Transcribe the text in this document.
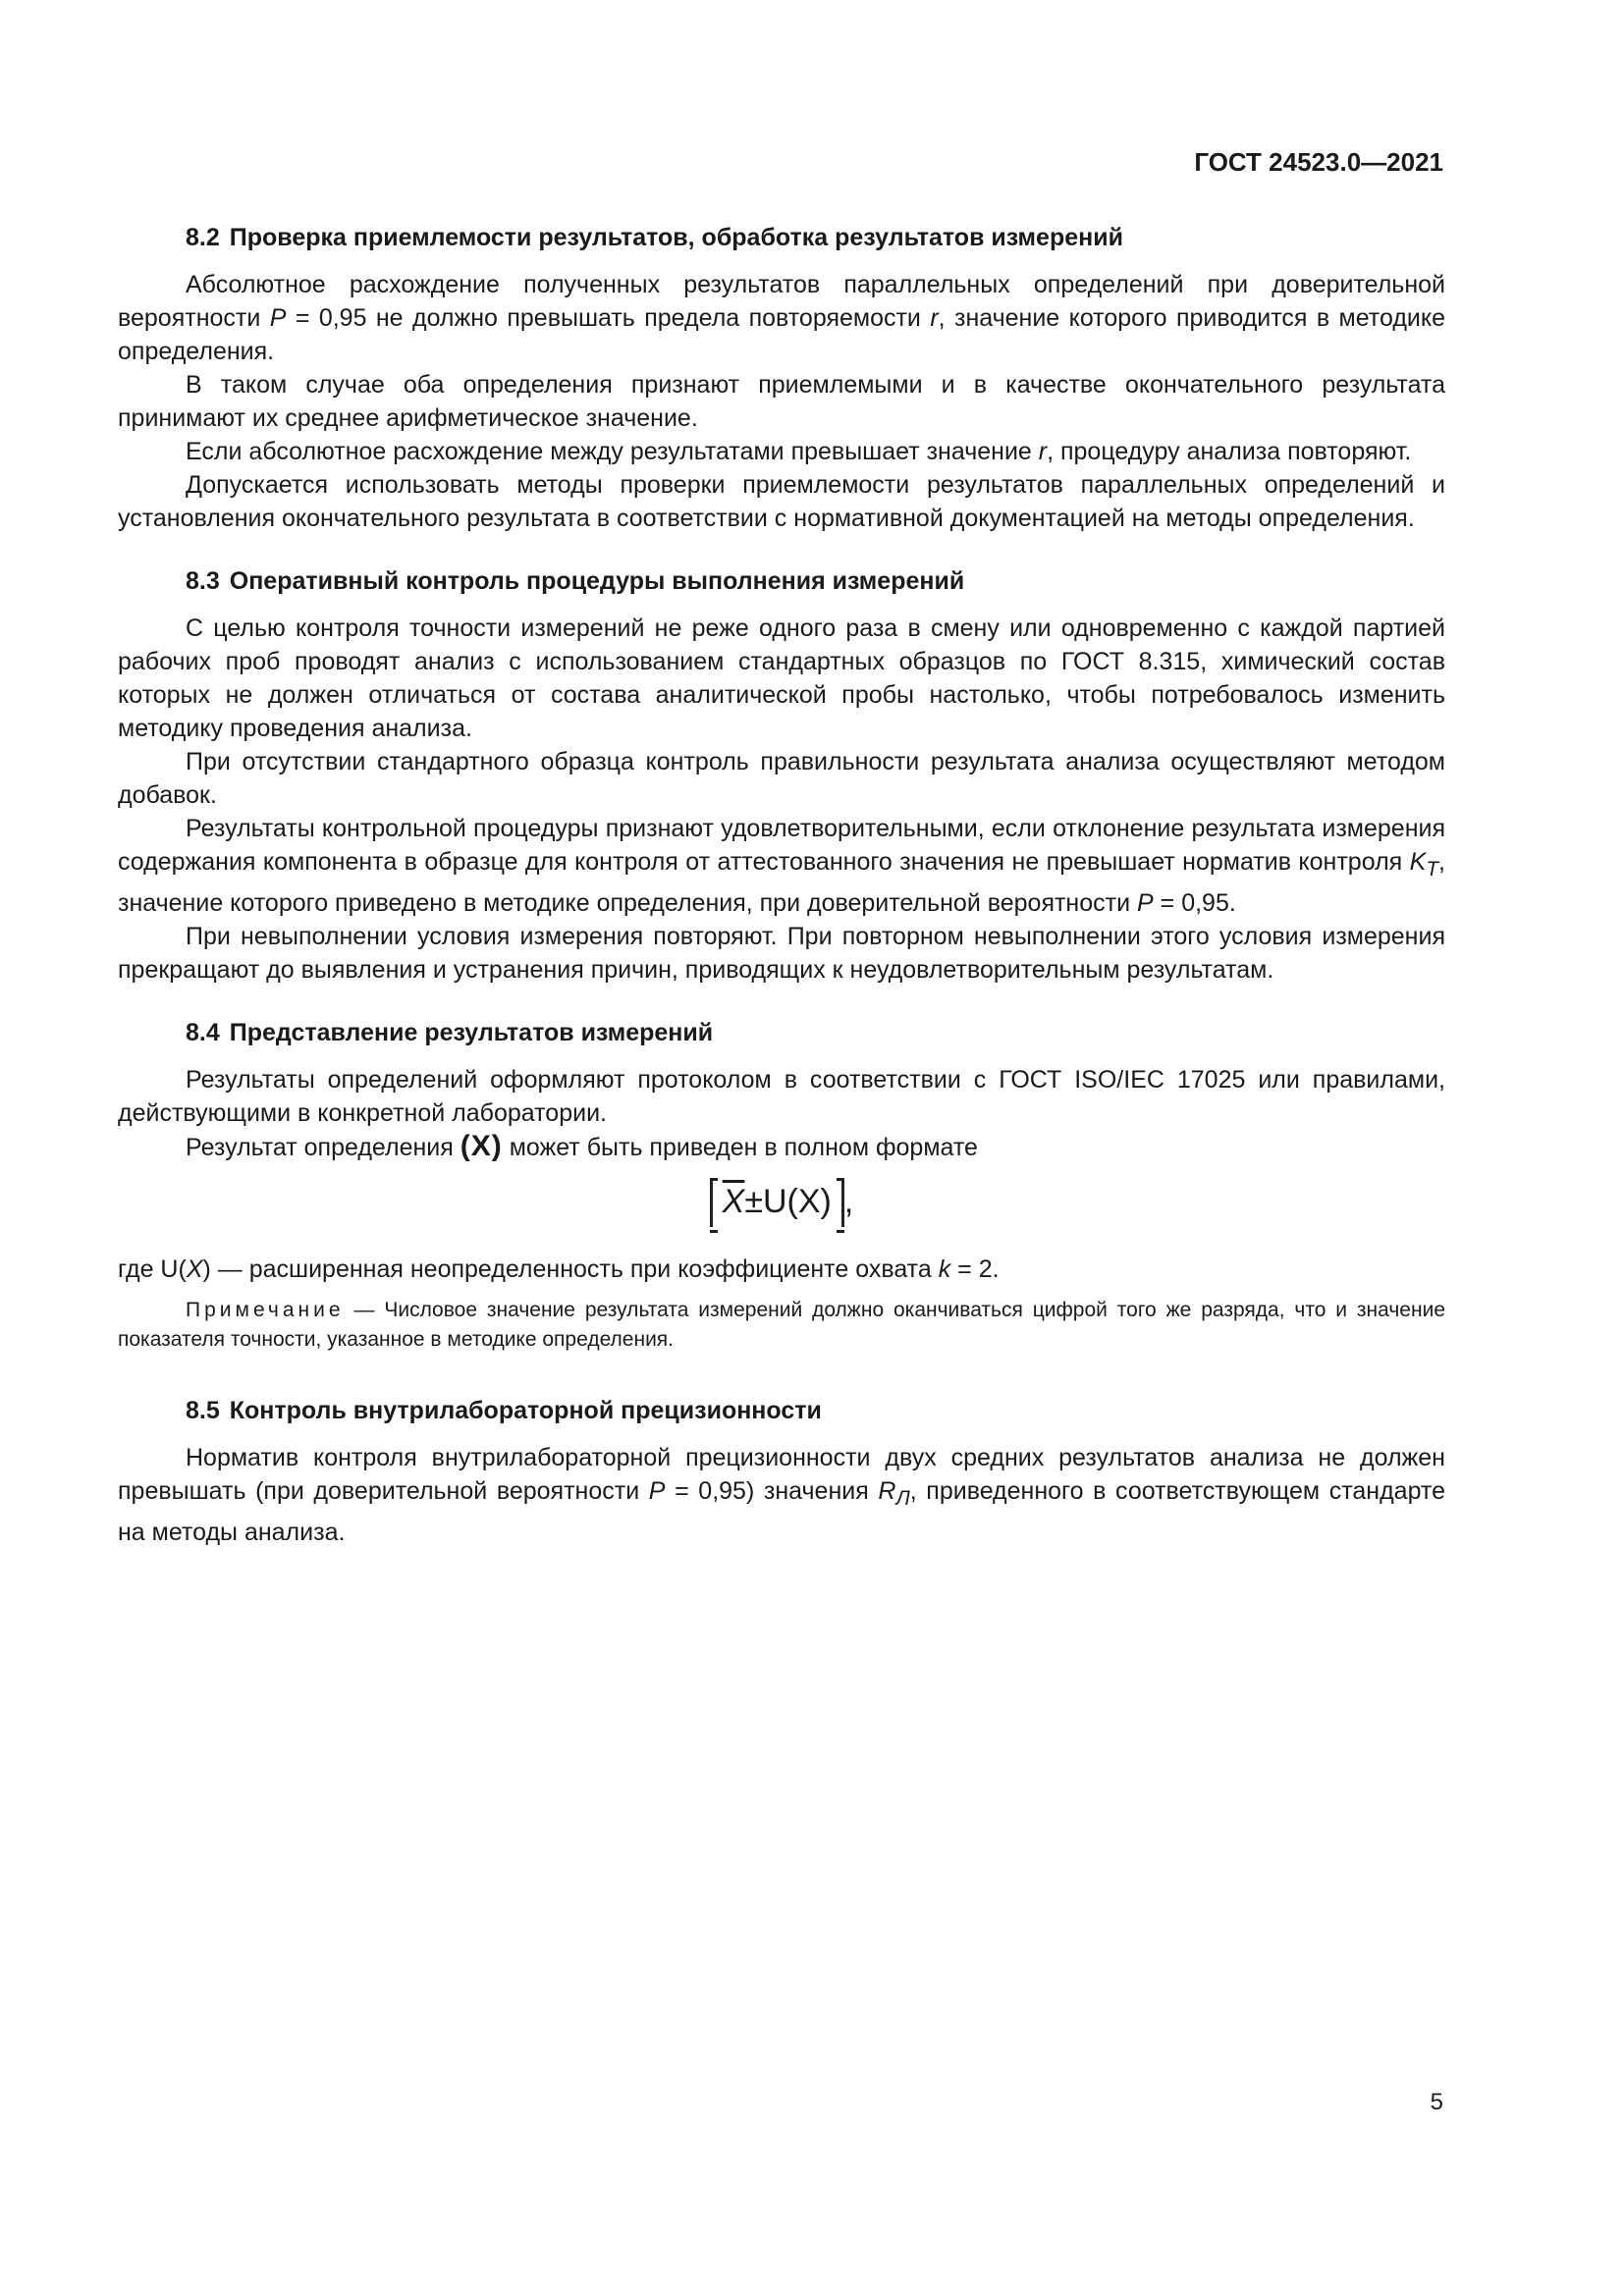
ГОСТ 24523.0—2021

8.2 Проверка приемлемости результатов, обработка результатов измерений

Абсолютное расхождение полученных результатов параллельных определений при доверительной вероятности P = 0,95 не должно превышать предела повторяемости r, значение которого приводится в методике определения.

В таком случае оба определения признают приемлемыми и в качестве окончательного результата принимают их среднее арифметическое значение.

Если абсолютное расхождение между результатами превышает значение r, процедуру анализа повторяют.

Допускается использовать методы проверки приемлемости результатов параллельных определений и установления окончательного результата в соответствии с нормативной документацией на методы определения.

8.3 Оперативный контроль процедуры выполнения измерений

С целью контроля точности измерений не реже одного раза в смену или одновременно с каждой партией рабочих проб проводят анализ с использованием стандартных образцов по ГОСТ 8.315, химический состав которых не должен отличаться от состава аналитической пробы настолько, чтобы потребовалось изменить методику проведения анализа.

При отсутствии стандартного образца контроль правильности результата анализа осуществляют методом добавок.

Результаты контрольной процедуры признают удовлетворительными, если отклонение результата измерения содержания компонента в образце для контроля от аттестованного значения не превышает норматив контроля $K_T$, значение которого приведено в методике определения, при доверительной вероятности P = 0,95.

При невыполнении условия измерения повторяют. При повторном невыполнении этого условия измерения прекращают до выявления и устранения причин, приводящих к неудовлетворительным результатам.

8.4 Представление результатов измерений

Результаты определений оформляют протоколом в соответствии с ГОСТ ISO/IEC 17025 или правилами, действующими в конкретной лаборатории.

Результат определения (X) может быть приведен в полном формате

$\overline{X}\pm U(X)$ ,

где U(X) — расширенная неопределенность при коэффициенте охвата k = 2.

Примечание — Числовое значение результата измерений должно оканчиваться цифрой того же разряда, что и значение показателя точности, указанное в методике определения.

8.5 Контроль внутрилабораторной прецизионности

Норматив контроля внутрилабораторной прецизионности двух средних результатов анализа не должен превышать (при доверительной вероятности P = 0,95) значения $R_Л$, приведенного в соответствующем стандарте на методы анализа.

5
